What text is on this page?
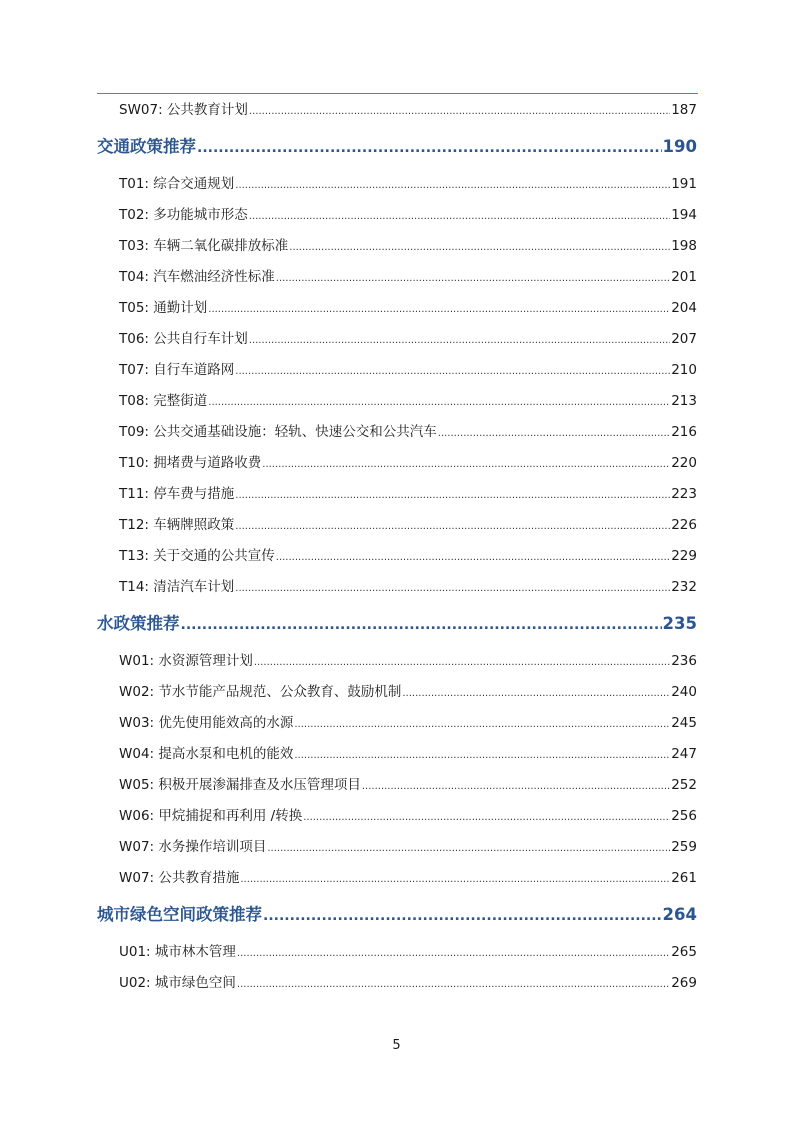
SW07: 公共教育计划 .....	187
交通政策推荐 .....	190
T01: 综合交通规划 .....	191
T02: 多功能城市形态 .....	194
T03: 车辆二氧化碳排放标准 .....	198
T04: 汽车燃油经济性标准 .....	201
T05: 通勤计划 .....	204
T06: 公共自行车计划 .....	207
T07: 自行车道路网 .....	210
T08: 完整街道 .....	213
T09: 公共交通基础设施：轻轨、快速公交和公共汽车 .....	216
T10: 拥堵费与道路收费 .....	220
T11: 停车费与措施 .....	223
T12: 车辆牌照政策 .....	226
T13: 关于交通的公共宣传 .....	229
T14: 清洁汽车计划 .....	232
水政策推荐 .....	235
W01: 水资源管理计划 .....	236
W02: 节水节能产品规范、公众教育、鼓励机制 .....	240
W03: 优先使用能效高的水源 .....	245
W04: 提高水泵和电机的能效 .....	247
W05: 积极开展渗漏排查及水压管理项目 .....	252
W06: 甲烷捕捉和再利用 /转换 .....	256
W07: 水务操作培训项目 .....	259
W07: 公共教育措施 .....	261
城市绿色空间政策推荐 .....	264
U01: 城市林木管理 .....	265
U02: 城市绿色空间 .....	269
5
